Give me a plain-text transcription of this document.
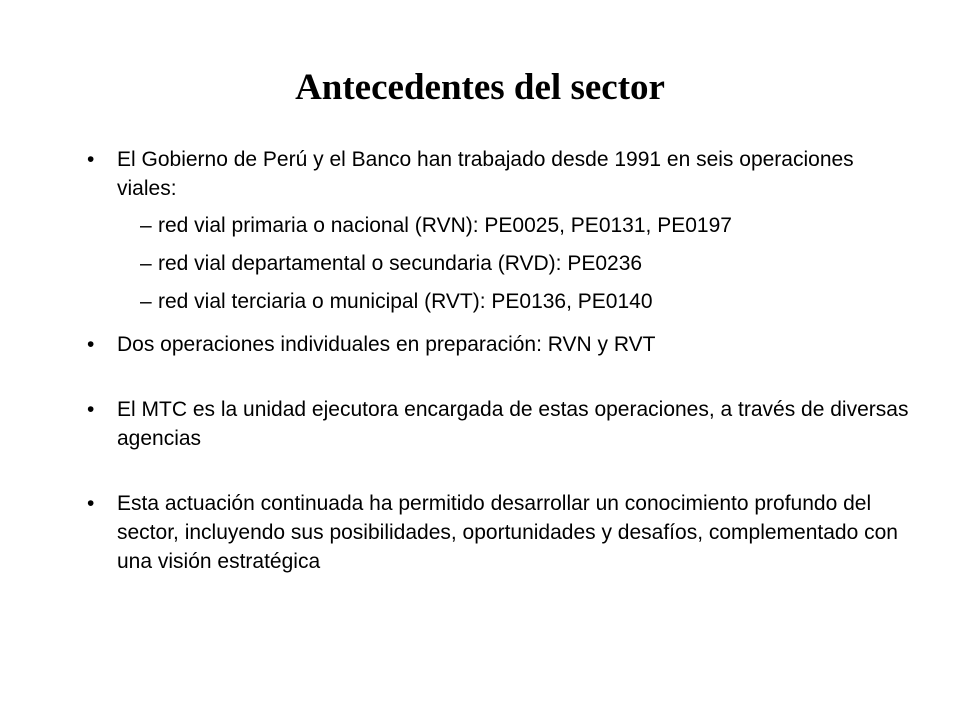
Antecedentes del sector
• El Gobierno de Perú y el Banco han trabajado desde 1991 en seis operaciones viales:
– red vial primaria o nacional (RVN): PE0025, PE0131, PE0197
– red vial departamental o secundaria (RVD): PE0236
– red vial terciaria o municipal (RVT): PE0136, PE0140
• Dos operaciones individuales en preparación: RVN y RVT
• El MTC es la unidad ejecutora encargada de estas operaciones, a través de diversas agencias
• Esta actuación continuada ha permitido desarrollar un conocimiento profundo del sector, incluyendo sus posibilidades, oportunidades y desafíos, complementado con una visión estratégica
